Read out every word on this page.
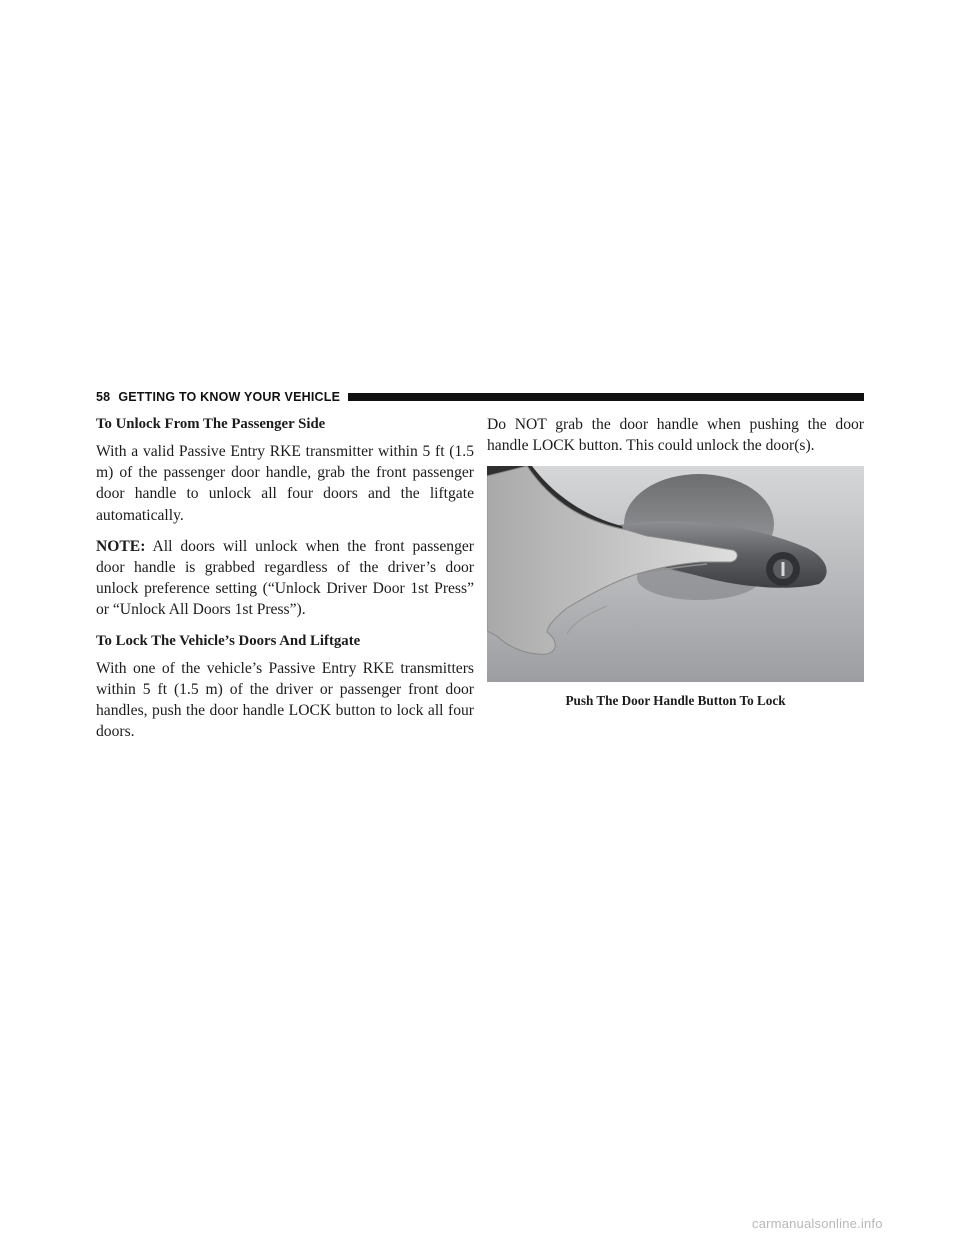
58 GETTING TO KNOW YOUR VEHICLE
To Unlock From The Passenger Side

With a valid Passive Entry RKE transmitter within 5 ft (1.5 m) of the passenger door handle, grab the front passenger door handle to unlock all four doors and the liftgate automatically.

NOTE: All doors will unlock when the front passenger door handle is grabbed regardless of the driver’s door unlock preference setting (“Unlock Driver Door 1st Press” or “Unlock All Doors 1st Press”).

To Lock The Vehicle’s Doors And Liftgate

With one of the vehicle’s Passive Entry RKE transmitters within 5 ft (1.5 m) of the driver or passenger front door handles, push the door handle LOCK button to lock all four doors.

Do NOT grab the door handle when pushing the door handle LOCK button. This could unlock the door(s).

Push The Door Handle Button To Lock
carmanualsonline.info
